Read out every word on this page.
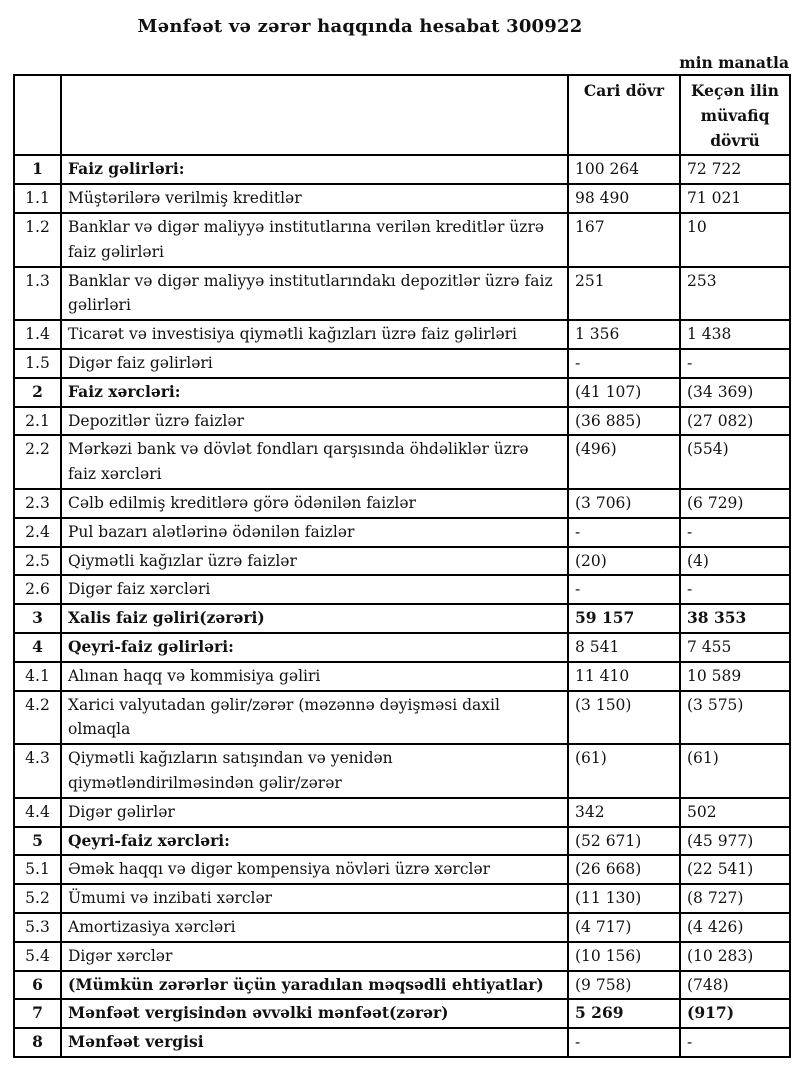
Mənfəət və zərər haqqında hesabat 300922
min manatla
		Cari dövr	Keçən ilin müvafiq dövrü
1	Faiz gəlirləri:	100 264	72 722
1.1	Müştərilərə verilmiş kreditlər	98 490	71 021
1.2	Banklar və digər maliyyə institutlarına verilən kreditlər üzrə faiz gəlirləri	167	10
1.3	Banklar və digər maliyyə institutlarındakı depozitlər üzrə faiz gəlirləri	251	253
1.4	Ticarət və investisiya qiymətli kağızları üzrə faiz gəlirləri	1 356	1 438
1.5	Digər faiz gəlirləri	-	-
2	Faiz xərcləri:	(41 107)	(34 369)
2.1	Depozitlər üzrə faizlər	(36 885)	(27 082)
2.2	Mərkəzi bank və dövlət fondları qarşısında öhdəliklər üzrə faiz xərcləri	(496)	(554)
2.3	Cəlb edilmiş kreditlərə görə ödənilən faizlər	(3 706)	(6 729)
2.4	Pul bazarı alətlərinə ödənilən faizlər	-	-
2.5	Qiymətli kağızlar üzrə faizlər	(20)	(4)
2.6	Digər faiz xərcləri	-	-
3	Xalis faiz gəliri(zərəri)	59 157	38 353
4	Qeyri-faiz gəlirləri:	8 541	7 455
4.1	Alınan haqq və kommisiya gəliri	11 410	10 589
4.2	Xarici valyutadan gəlir/zərər (məzənnə dəyişməsi daxil olmaqla	(3 150)	(3 575)
4.3	Qiymətli kağızların satışından və yenidən qiymətləndirilməsindən gəlir/zərər	(61)	(61)
4.4	Digər gəlirlər	342	502
5	Qeyri-faiz xərcləri:	(52 671)	(45 977)
5.1	Əmək haqqı və digər kompensiya növləri üzrə xərclər	(26 668)	(22 541)
5.2	Ümumi və inzibati xərclər	(11 130)	(8 727)
5.3	Amortizasiya xərcləri	(4 717)	(4 426)
5.4	Digər xərclər	(10 156)	(10 283)
6	(Mümkün zərərlər üçün yaradılan məqsədli ehtiyatlar)	(9 758)	(748)
7	Mənfəət vergisindən əvvəlki mənfəət(zərər)	5 269	(917)
8	Mənfəət vergisi	-	-
